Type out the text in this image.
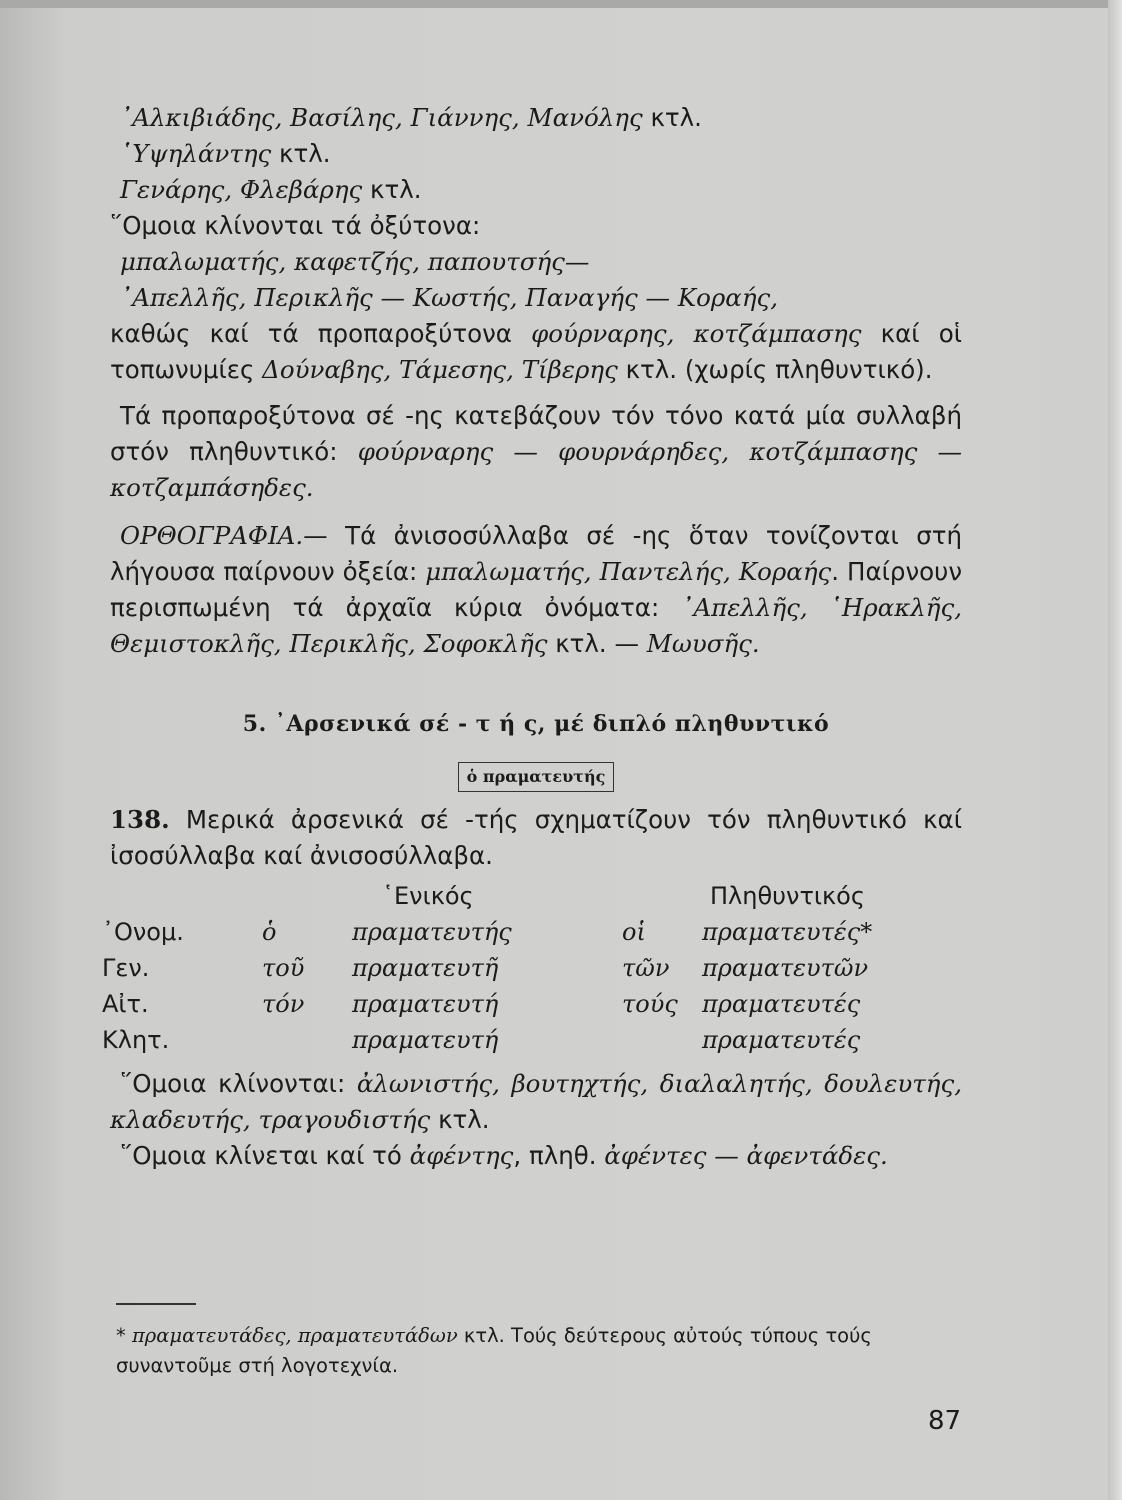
᾿Αλκιβιάδης, Βασίλης, Γιάννης, Μανόλης κτλ.
῾Υψηλάντης κτλ.
Γενάρης, Φλεβάρης κτλ.
῞Ομοια κλίνονται τά ὀξύτονα:
μπαλωματής, καφετζής, παπουτσής—
᾿Απελλῆς, Περικλῆς — Κωστής, Παναγής — Κοραής,

καθώς καί τά προπαροξύτονα φούρναρης, κοτζάμπασης καί οἱ τοπωνυμίες Δούναβης, Τάμεσης, Τίβερης κτλ. (χωρίς πληθυντικό).

Τά προπαροξύτονα σέ -ης κατεβάζουν τόν τόνο κατά μία συλλαβή στόν πληθυντικό: φούρναρης — φουρνάρηδες, κοτζάμπασης — κοτζαμπάσηδες.

ΟΡΘΟΓΡΑΦΙΑ.— Τά ἀνισοσύλλαβα σέ -ης ὅταν τονίζονται στή λήγουσα παίρνουν ὀξεία: μπαλωματής, Παντελής, Κοραής. Παίρνουν περισπωμένη τά ἀρχαῖα κύρια ὀνόματα: ᾿Απελλῆς, ῾Ηρακλῆς, Θεμιστοκλῆς, Περικλῆς, Σοφοκλῆς κτλ. — Μωυσῆς.

5. ᾿Αρσενικά σέ - τ ή ς, μέ διπλό πληθυντικό
ὁ πραματευτής

138. Μερικά ἀρσενικά σέ -τής σχηματίζουν τόν πληθυντικό καί ἰσοσύλλαβα καί ἀνισοσύλλαβα.

		῾Ενικός		Πληθυντικός
᾿Ονομ.	ὁ	πραματευτής	οἱ	πραματευτές*
Γεν.	τοῦ	πραματευτῆ	τῶν	πραματευτῶν
Αἰτ.	τόν	πραματευτή	τούς	πραματευτές
Κλητ.		πραματευτή		πραματευτές

῞Ομοια κλίνονται: ἀλωνιστής, βουτηχτής, διαλαλητής, δουλευτής, κλαδευτής, τραγουδιστής κτλ.

῞Ομοια κλίνεται καί τό ἀφέντης, πληθ. ἀφέντες — ἀφεντάδες.

* πραματευτάδες, πραματευτάδων κτλ. Τούς δεύτερους αὐτούς τύπους τούς συναντοῦμε στή λογοτεχνία.
87
